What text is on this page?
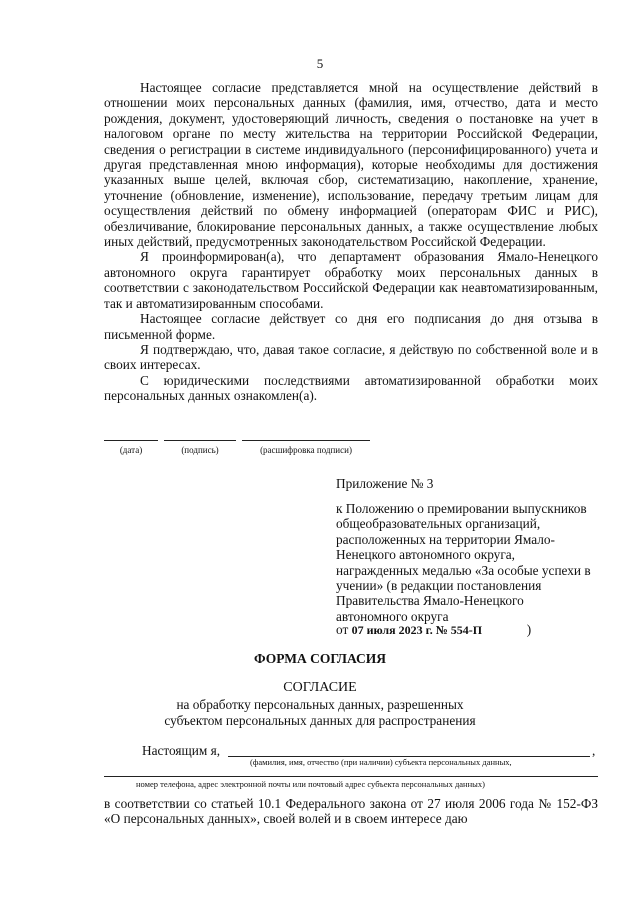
5

Настоящее согласие представляется мной на осуществление действий в отношении моих персональных данных (фамилия, имя, отчество, дата и место рождения, документ, удостоверяющий личность, сведения о постановке на учет в налоговом органе по месту жительства на территории Российской Федерации, сведения о регистрации в системе индивидуального (персонифицированного) учета и другая представленная мною информация), которые необходимы для достижения указанных выше целей, включая сбор, систематизацию, накопление, хранение, уточнение (обновление, изменение), использование, передачу третьим лицам для осуществления действий по обмену информацией (операторам ФИС и РИС), обезличивание, блокирование персональных данных, а также осуществление любых иных действий, предусмотренных законодательством Российской Федерации.

Я проинформирован(а), что департамент образования Ямало-Ненецкого автономного округа гарантирует обработку моих персональных данных в соответствии с законодательством Российской Федерации как неавтоматизированным, так и автоматизированным способами.

Настоящее согласие действует со дня его подписания до дня отзыва в письменной форме.

Я подтверждаю, что, давая такое согласие, я действую по собственной воле и в своих интересах.

С юридическими последствиями автоматизированной обработки моих персональных данных ознакомлен(а).

(дата)	(подпись)	(расшифровка подписи)
Приложение № 3
к Положению о премировании выпускников общеобразовательных организаций, расположенных на территории Ямало-Ненецкого автономного округа, награжденных медалью «За особые успехи в учении» (в редакции постановления Правительства Ямало-Ненецкого автономного округа
от 07 июля 2023 г. № 554-П	)
ФОРМА СОГЛАСИЯ
СОГЛАСИЕ
на обработку персональных данных, разрешенных субъектом персональных данных для распространения
Настоящим я,	,
(фамилия, имя, отчество (при наличии) субъекта персональных данных,
номер телефона, адрес электронной почты или почтовый адрес субъекта персональных данных)
в соответствии со статьей 10.1 Федерального закона от 27 июля 2006 года № 152-ФЗ «О персональных данных», своей волей и в своем интересе даю
